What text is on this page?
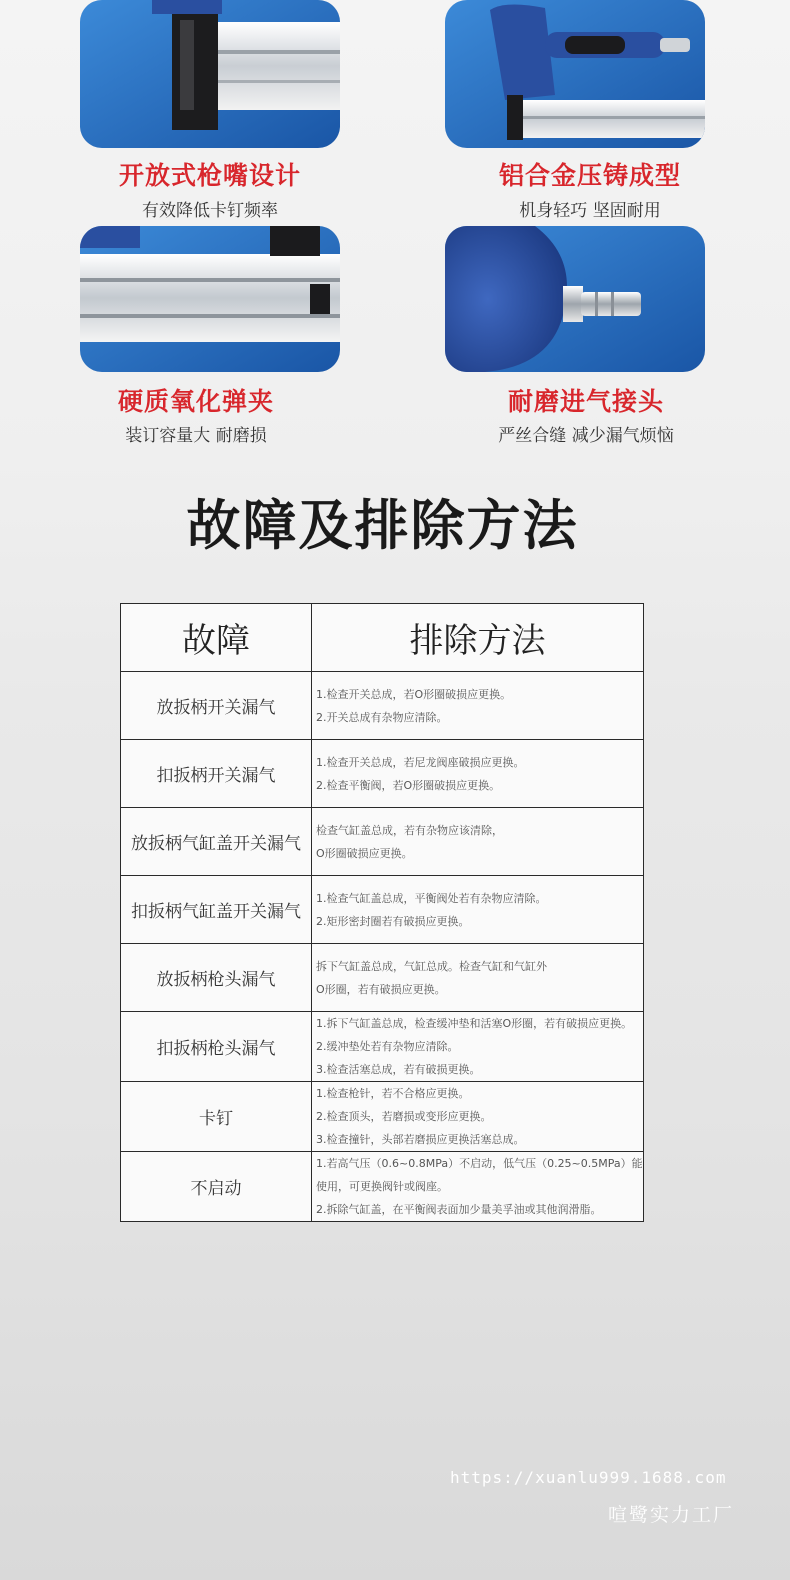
开放式枪嘴设计
有效降低卡钉频率
铝合金压铸成型
机身轻巧 坚固耐用
硬质氧化弹夹
装订容量大 耐磨损
耐磨进气接头
严丝合缝 减少漏气烦恼
故障及排除方法
故障	排除方法
放扳柄开关漏气	1.检查开关总成，若O形圈破损应更换。
2.开关总成有杂物应清除。

扣扳柄开关漏气	1.检查开关总成，若尼龙阀座破损应更换。
2.检查平衡阀，若O形圈破损应更换。

放扳柄气缸盖开关漏气	检查气缸盖总成，若有杂物应该清除，
O形圈破损应更换。

扣扳柄气缸盖开关漏气	1.检查气缸盖总成，平衡阀处若有杂物应清除。
2.矩形密封圈若有破损应更换。

放扳柄枪头漏气	拆下气缸盖总成，气缸总成。检查气缸和气缸外
O形圈，若有破损应更换。

扣扳柄枪头漏气	1.拆下气缸盖总成，检查缓冲垫和活塞O形圈，若有破损应更换。
2.缓冲垫处若有杂物应清除。
3.检查活塞总成，若有破损更换。

卡钉	1.检查枪针，若不合格应更换。
2.检查顶头，若磨损或变形应更换。
3.检查撞针，头部若磨损应更换活塞总成。

不启动	1.若高气压（0.6~0.8MPa）不启动，低气压（0.25~0.5MPa）能
使用，可更换阀针或阀座。
2.拆除气缸盖，在平衡阀表面加少量美孚油或其他润滑脂。
https://xuanlu999.1688.com
喧鹭实力工厂
